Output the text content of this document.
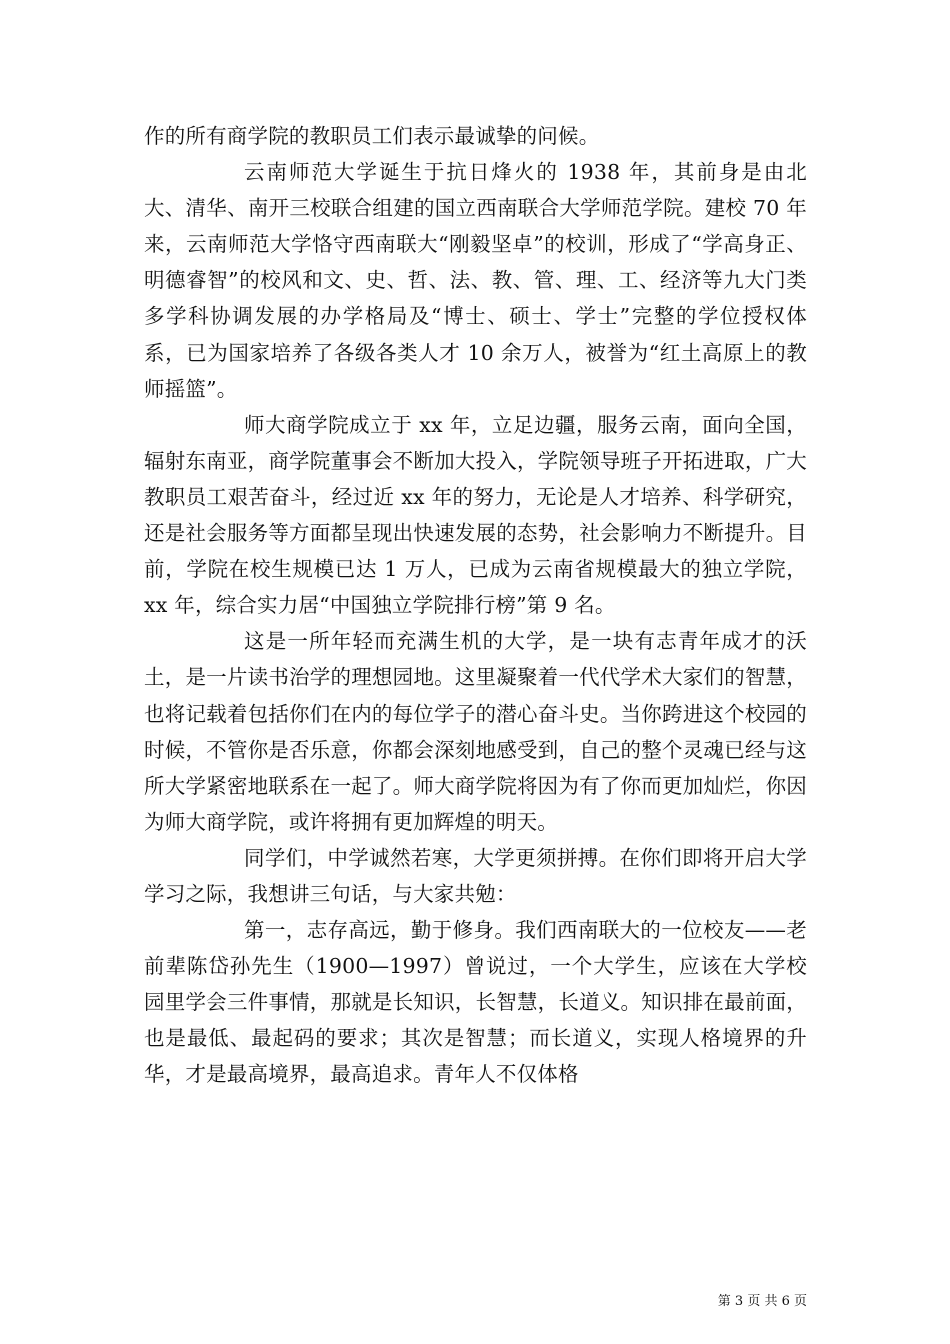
作的所有商学院的教职员工们表示最诚挚的问候。

云南师范大学诞生于抗日烽火的 1938 年，其前身是由北大、清华、南开三校联合组建的国立西南联合大学师范学院。建校 70 年来，云南师范大学恪守西南联大“刚毅坚卓”的校训，形成了“学高身正、明德睿智”的校风和文、史、哲、法、教、管、理、工、经济等九大门类多学科协调发展的办学格局及“博士、硕士、学士”完整的学位授权体系，已为国家培养了各级各类人才 10 余万人，被誉为“红土高原上的教师摇篮”。

师大商学院成立于 xx 年，立足边疆，服务云南，面向全国，辐射东南亚，商学院董事会不断加大投入，学院领导班子开拓进取，广大教职员工艰苦奋斗，经过近 xx 年的努力，无论是人才培养、科学研究，还是社会服务等方面都呈现出快速发展的态势，社会影响力不断提升。目前，学院在校生规模已达 1 万人，已成为云南省规模最大的独立学院，xx 年，综合实力居“中国独立学院排行榜”第 9 名。

这是一所年轻而充满生机的大学，是一块有志青年成才的沃土，是一片读书治学的理想园地。这里凝聚着一代代学术大家们的智慧，也将记载着包括你们在内的每位学子的潜心奋斗史。当你跨进这个校园的时候，不管你是否乐意，你都会深刻地感受到，自己的整个灵魂已经与这所大学紧密地联系在一起了。师大商学院将因为有了你而更加灿烂，你因为师大商学院，或许将拥有更加辉煌的明天。

同学们，中学诚然若寒，大学更须拼搏。在你们即将开启大学学习之际，我想讲三句话，与大家共勉：

第一，志存高远，勤于修身。我们西南联大的一位校友——老前辈陈岱孙先生（1900—1997）曾说过，一个大学生，应该在大学校园里学会三件事情，那就是长知识，长智慧，长道义。知识排在最前面，也是最低、最起码的要求；其次是智慧；而长道义，实现人格境界的升华，才是最高境界，最高追求。青年人不仅体格

第 3 页 共 6 页
